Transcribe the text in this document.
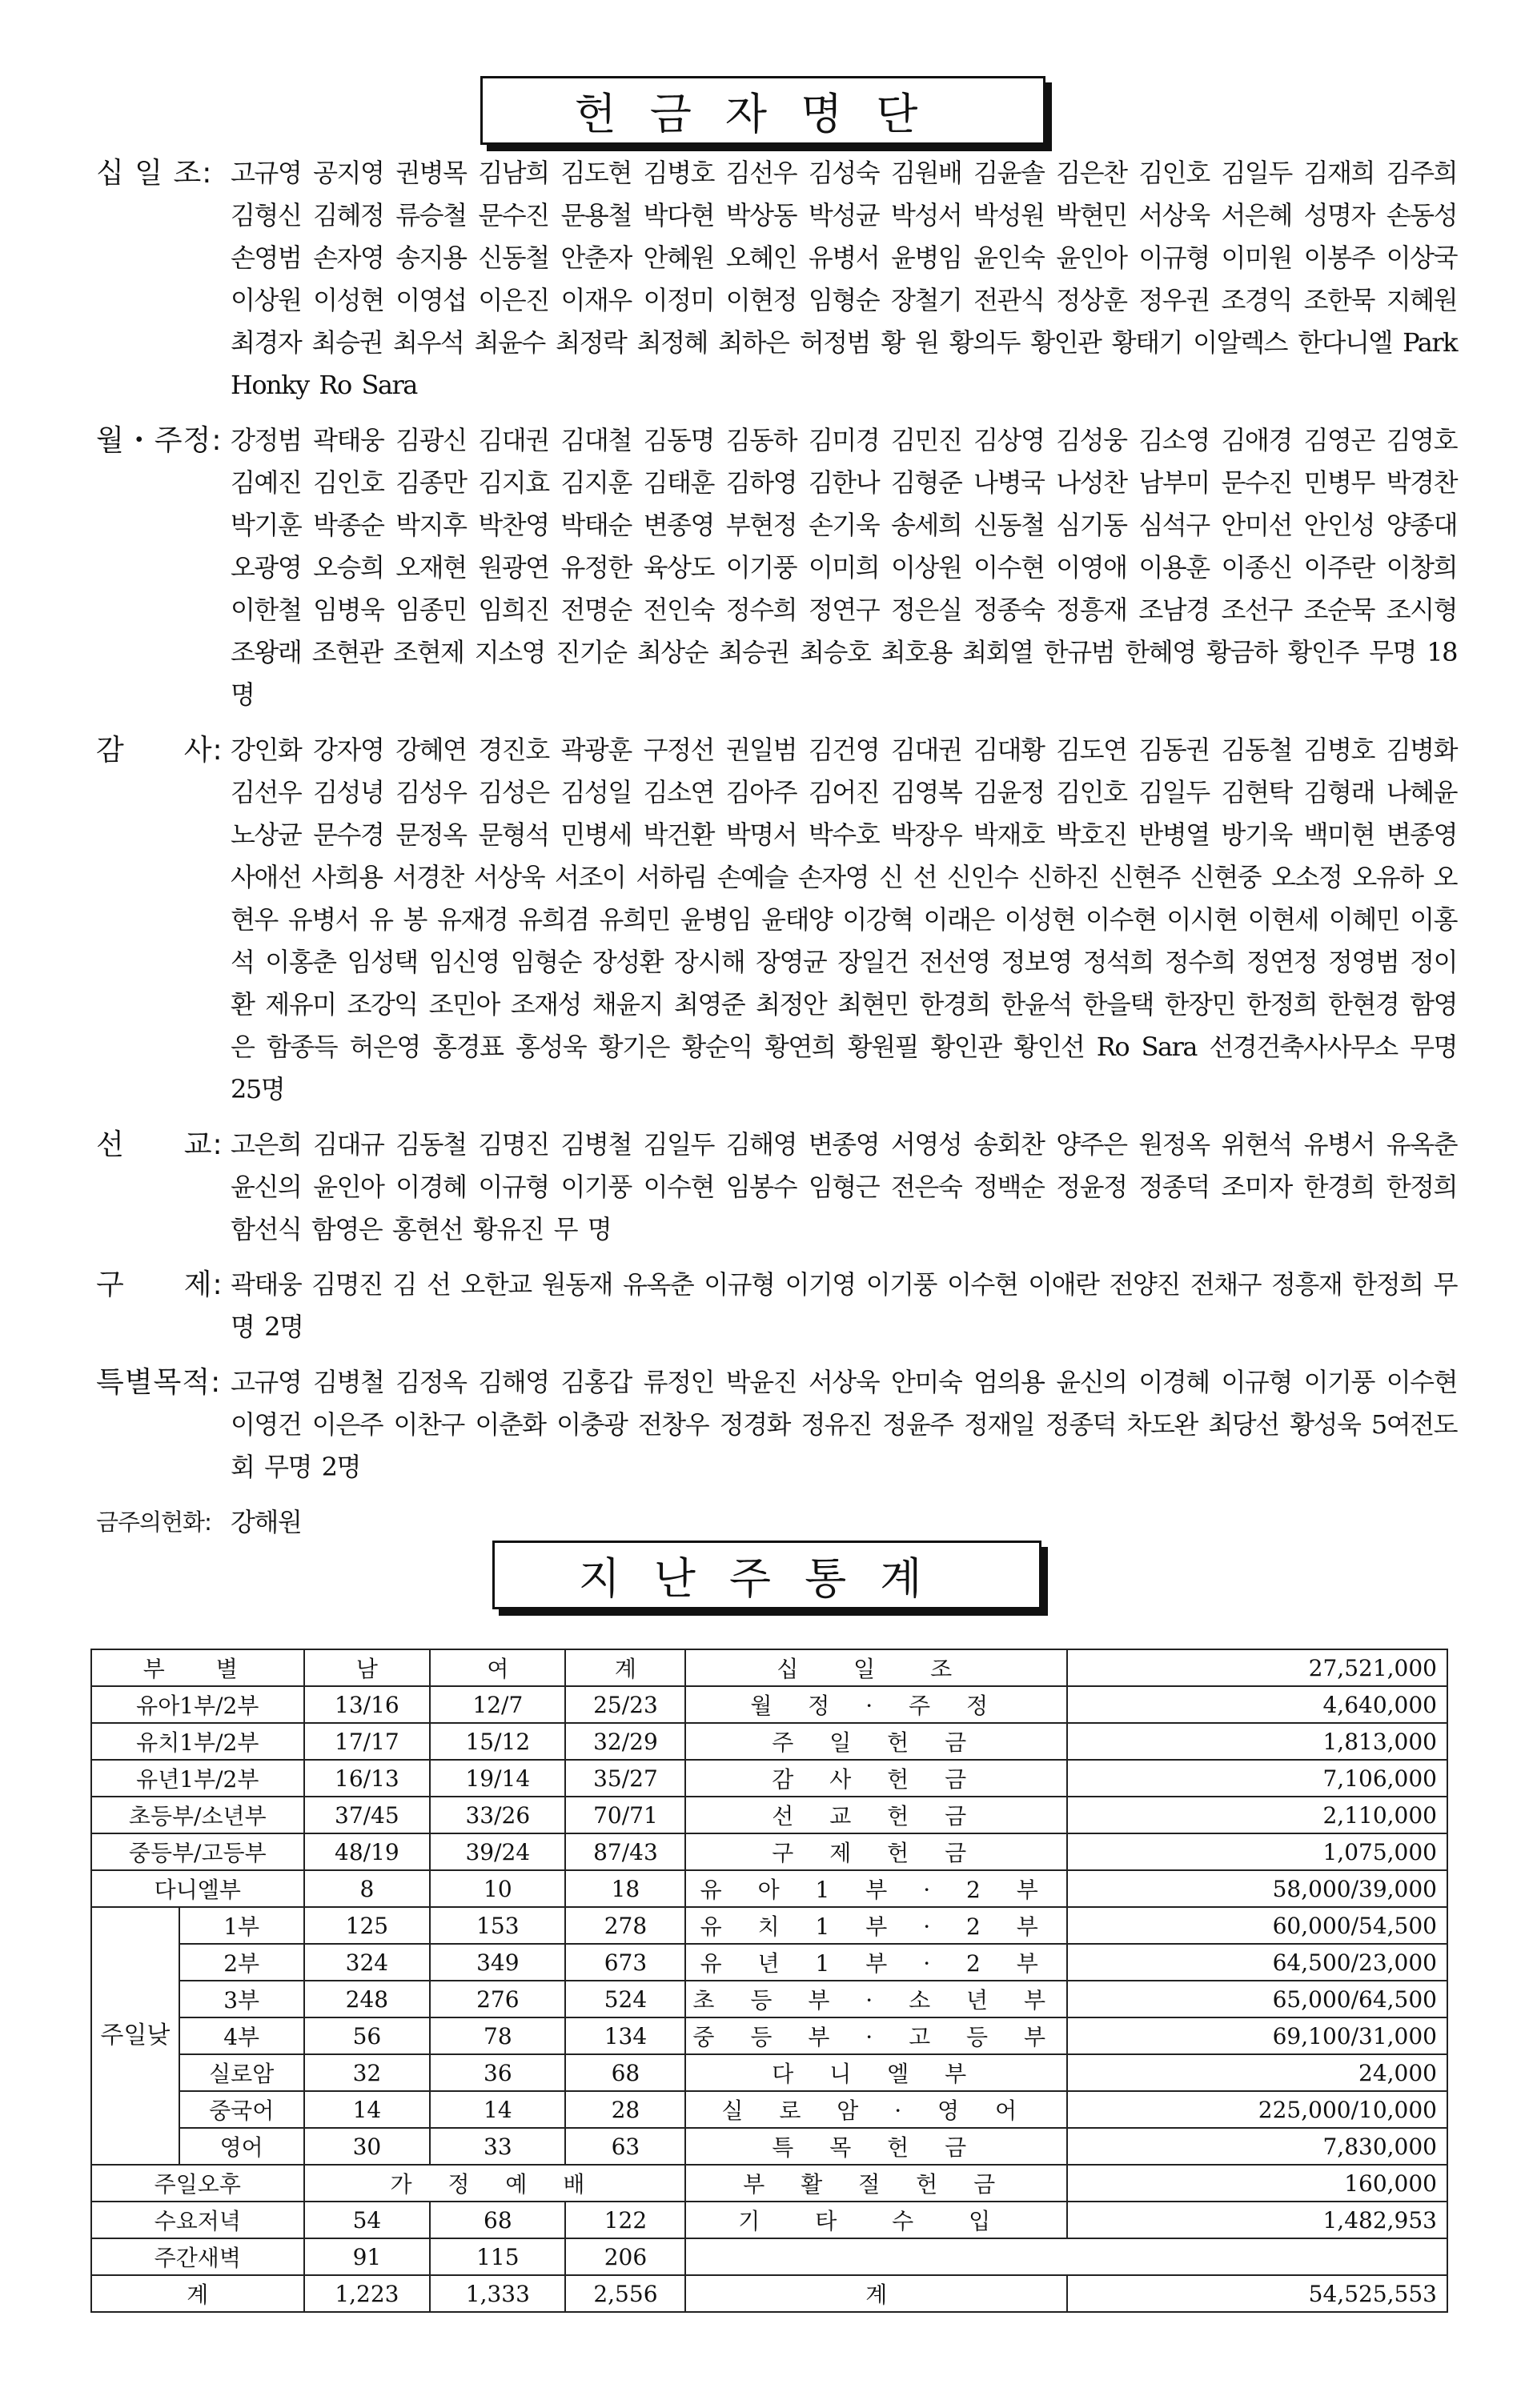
헌금자명단
십 일 조: 고규영 공지영 권병목 김남희 김도현 김병호 김선우 김성숙 김원배 김윤솔 김은찬 김인호 김일두 김재희 김주희 김형신 김혜정 류승철 문수진 문용철 박다현 박상동 박성균 박성서 박성원 박현민 서상욱 서은혜 성명자 손동성 손영범 손자영 송지용 신동철 안춘자 안혜원 오혜인 유병서 윤병임 윤인숙 윤인아 이규형 이미원 이봉주 이상국 이상원 이성현 이영섭 이은진 이재우 이정미 이현정 임형순 장철기 전관식 정상훈 정우권 조경익 조한묵 지혜원 최경자 최승권 최우석 최윤수 최정락 최정혜 최하은 허정범 황 원 황의두 황인관 황태기 이알렉스 한다니엘 Park Honky Ro Sara
월・주정: 강정범 곽태웅 김광신 김대권 김대철 김동명 김동하 김미경 김민진 김상영 김성웅 김소영 김애경 김영곤 김영호 김예진 김인호 김종만 김지효 김지훈 김태훈 김하영 김한나 김형준 나병국 나성찬 남부미 문수진 민병무 박경찬 박기훈 박종순 박지후 박찬영 박태순 변종영 부현정 손기욱 송세희 신동철 심기동 심석구 안미선 안인성 양종대 오광영 오승희 오재현 원광연 유정한 육상도 이기풍 이미희 이상원 이수현 이영애 이용훈 이종신 이주란 이창희 이한철 임병욱 임종민 임희진 전명순 전인숙 정수희 정연구 정은실 정종숙 정흥재 조남경 조선구 조순묵 조시형 조왕래 조현관 조현제 지소영 진기순 최상순 최승권 최승호 최호용 최회열 한규범 한혜영 황금하 황인주 무명 18명
감　　사: 강인화 강자영 강혜연 경진호 곽광훈 구정선 권일범 김건영 김대권 김대황 김도연 김동권 김동철 김병호 김병화 김선우 김성녕 김성우 김성은 김성일 김소연 김아주 김어진 김영복 김윤정 김인호 김일두 김현탁 김형래 나혜윤 노상균 문수경 문정옥 문형석 민병세 박건환 박명서 박수호 박장우 박재호 박호진 반병열 방기욱 백미현 변종영 사애선 사희용 서경찬 서상욱 서조이 서하림 손예슬 손자영 신 선 신인수 신하진 신현주 신현중 오소정 오유하 오현우 유병서 유 봉 유재경 유희겸 유희민 윤병임 윤태양 이강혁 이래은 이성현 이수현 이시현 이현세 이혜민 이홍석 이홍춘 임성택 임신영 임형순 장성환 장시해 장영균 장일건 전선영 정보영 정석희 정수희 정연정 정영범 정이환 제유미 조강익 조민아 조재성 채윤지 최영준 최정안 최현민 한경희 한윤석 한을택 한장민 한정희 한현경 함영은 함종득 허은영 홍경표 홍성욱 황기은 황순익 황연희 황원필 황인관 황인선 Ro Sara 선경건축사사무소 무명 25명
선　　교: 고은희 김대규 김동철 김명진 김병철 김일두 김해영 변종영 서영성 송회찬 양주은 원정옥 위현석 유병서 유옥춘 윤신의 윤인아 이경혜 이규형 이기풍 이수현 임봉수 임형근 전은숙 정백순 정윤정 정종덕 조미자 한경희 한정희 함선식 함영은 홍현선 황유진 무 명
구　　제: 곽태웅 김명진 김 선 오한교 원동재 유옥춘 이규형 이기영 이기풍 이수현 이애란 전양진 전채구 정흥재 한정희 무명 2명
특별목적: 고규영 김병철 김정옥 김해영 김홍갑 류정인 박윤진 서상욱 안미숙 엄의용 윤신의 이경혜 이규형 이기풍 이수현 이영건 이은주 이찬구 이춘화 이충광 전창우 정경화 정유진 정윤주 정재일 정종덕 차도완 최당선 황성욱 5여전도회 무명 2명
금주의헌화: 강해원
지난주통계
부　별		남	여	계	십 일 조	27,521,000
유아1부/2부		13/16	12/7	25/23	월 정 · 주 정	4,640,000
유치1부/2부		17/17	15/12	32/29	주 일 헌 금	1,813,000
유년1부/2부		16/13	19/14	35/27	감 사 헌 금	7,106,000
초등부/소년부		37/45	33/26	70/71	선 교 헌 금	2,110,000
중등부/고등부		48/19	39/24	87/43	구 제 헌 금	1,075,000
다니엘부		8	10	18	유 아 1 부 · 2 부	58,000/39,000

주일낮	1부	125	153	278	유 치 1 부 · 2 부	60,000/54,500
	2부	324	349	673	유 년 1 부 · 2 부	64,500/23,000
	3부	248	276	524	초 등 부 · 소 년 부	65,000/64,500
	4부	56	78	134	중 등 부 · 고 등 부	69,100/31,000
	실로암	32	36	68	다 니 엘 부	24,000
	중국어	14	14	28	실 로 암 · 영 어	225,000/10,000
	영어	30	33	63	특 목 헌 금	7,830,000
주일오후		가 정 예 배			부 활 절 헌 금	160,000
수요저녁		54	68	122	기 타 수 입	1,482,953
주간새벽		91	115	206		
계		1,223	1,333	2,556	계	54,525,553
